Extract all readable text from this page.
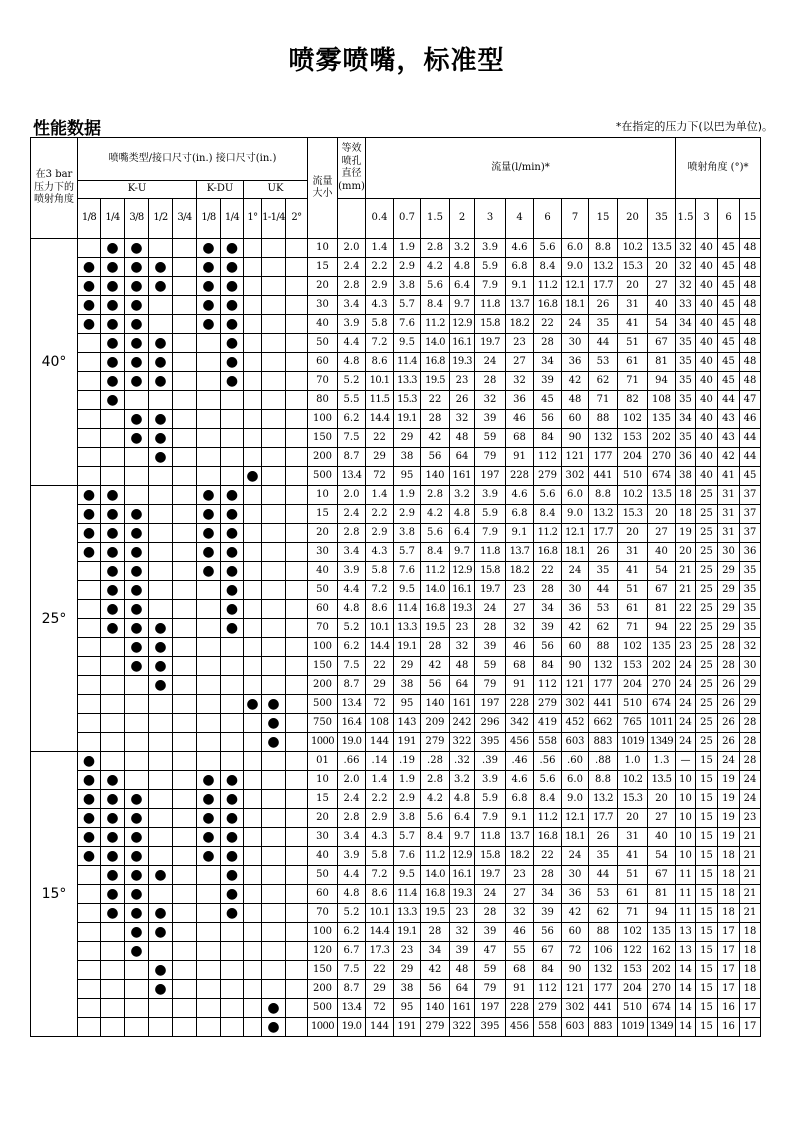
喷雾喷嘴，标准型
性能数据	*在指定的压力下(以巴为单位)。
在3 bar压力下的喷射角度	喷嘴类型/接口尺寸(in.) 接口尺寸(in.)										流量大小	等效喷孔直径(mm)	流量(l/min)*											喷射角度 (°)*			
	K-U					K-DU		UK																			
	1/8	1/4	3/8	1/2	3/4	1/8	1/4	1°	1-1/4	2°			0.4	0.7	1.5	2	3	4	6	7	15	20	35	1.5	3	6	15
40°		●	●			●	●				10	2.0	1.4	1.9	2.8	3.2	3.9	4.6	5.6	6.0	8.8	10.2	13.5	32	40	45	48
	●	●	●	●		●	●				15	2.4	2.2	2.9	4.2	4.8	5.9	6.8	8.4	9.0	13.2	15.3	20	32	40	45	48
	●	●	●	●		●	●				20	2.8	2.9	3.8	5.6	6.4	7.9	9.1	11.2	12.1	17.7	20	27	32	40	45	48
	●	●	●			●	●				30	3.4	4.3	5.7	8.4	9.7	11.8	13.7	16.8	18.1	26	31	40	33	40	45	48
	●	●	●			●	●				40	3.9	5.8	7.6	11.2	12.9	15.8	18.2	22	24	35	41	54	34	40	45	48
		●	●	●			●				50	4.4	7.2	9.5	14.0	16.1	19.7	23	28	30	44	51	67	35	40	45	48
		●	●	●			●				60	4.8	8.6	11.4	16.8	19.3	24	27	34	36	53	61	81	35	40	45	48
		●	●	●			●				70	5.2	10.1	13.3	19.5	23	28	32	39	42	62	71	94	35	40	45	48
		●									80	5.5	11.5	15.3	22	26	32	36	45	48	71	82	108	35	40	44	47
			●	●							100	6.2	14.4	19.1	28	32	39	46	56	60	88	102	135	34	40	43	46
			●	●							150	7.5	22	29	42	48	59	68	84	90	132	153	202	35	40	43	44
				●							200	8.7	29	38	56	64	79	91	112	121	177	204	270	36	40	42	44
								●			500	13.4	72	95	140	161	197	228	279	302	441	510	674	38	40	41	45
25°	●	●				●	●				10	2.0	1.4	1.9	2.8	3.2	3.9	4.6	5.6	6.0	8.8	10.2	13.5	18	25	31	37
	●	●	●			●	●				15	2.4	2.2	2.9	4.2	4.8	5.9	6.8	8.4	9.0	13.2	15.3	20	18	25	31	37
	●	●	●			●	●				20	2.8	2.9	3.8	5.6	6.4	7.9	9.1	11.2	12.1	17.7	20	27	19	25	31	37
	●	●	●			●	●				30	3.4	4.3	5.7	8.4	9.7	11.8	13.7	16.8	18.1	26	31	40	20	25	30	36
		●	●			●	●				40	3.9	5.8	7.6	11.2	12.9	15.8	18.2	22	24	35	41	54	21	25	29	35
		●	●				●				50	4.4	7.2	9.5	14.0	16.1	19.7	23	28	30	44	51	67	21	25	29	35
		●	●				●				60	4.8	8.6	11.4	16.8	19.3	24	27	34	36	53	61	81	22	25	29	35
		●	●	●			●				70	5.2	10.1	13.3	19.5	23	28	32	39	42	62	71	94	22	25	29	35
			●	●							100	6.2	14.4	19.1	28	32	39	46	56	60	88	102	135	23	25	28	32
			●	●							150	7.5	22	29	42	48	59	68	84	90	132	153	202	24	25	28	30
				●							200	8.7	29	38	56	64	79	91	112	121	177	204	270	24	25	26	29
								●	●		500	13.4	72	95	140	161	197	228	279	302	441	510	674	24	25	26	29
									●		750	16.4	108	143	209	242	296	342	419	452	662	765	1011	24	25	26	28
									●		1000	19.0	144	191	279	322	395	456	558	603	883	1019	1349	24	25	26	28
15°	●										01	.66	.14	.19	.28	.32	.39	.46	.56	.60	.88	1.0	1.3	—	15	24	28
	●	●				●	●				10	2.0	1.4	1.9	2.8	3.2	3.9	4.6	5.6	6.0	8.8	10.2	13.5	10	15	19	24
	●	●	●			●	●				15	2.4	2.2	2.9	4.2	4.8	5.9	6.8	8.4	9.0	13.2	15.3	20	10	15	19	24
	●	●	●			●	●				20	2.8	2.9	3.8	5.6	6.4	7.9	9.1	11.2	12.1	17.7	20	27	10	15	19	23
	●	●	●			●	●				30	3.4	4.3	5.7	8.4	9.7	11.8	13.7	16.8	18.1	26	31	40	10	15	19	21
	●	●	●			●	●				40	3.9	5.8	7.6	11.2	12.9	15.8	18.2	22	24	35	41	54	10	15	18	21
		●	●	●			●				50	4.4	7.2	9.5	14.0	16.1	19.7	23	28	30	44	51	67	11	15	18	21
		●	●				●				60	4.8	8.6	11.4	16.8	19.3	24	27	34	36	53	61	81	11	15	18	21
		●	●	●			●				70	5.2	10.1	13.3	19.5	23	28	32	39	42	62	71	94	11	15	18	21
			●	●							100	6.2	14.4	19.1	28	32	39	46	56	60	88	102	135	13	15	17	18
			●								120	6.7	17.3	23	34	39	47	55	67	72	106	122	162	13	15	17	18
				●							150	7.5	22	29	42	48	59	68	84	90	132	153	202	14	15	17	18
				●							200	8.7	29	38	56	64	79	91	112	121	177	204	270	14	15	17	18
									●		500	13.4	72	95	140	161	197	228	279	302	441	510	674	14	15	16	17
									●		1000	19.0	144	191	279	322	395	456	558	603	883	1019	1349	14	15	16	17
